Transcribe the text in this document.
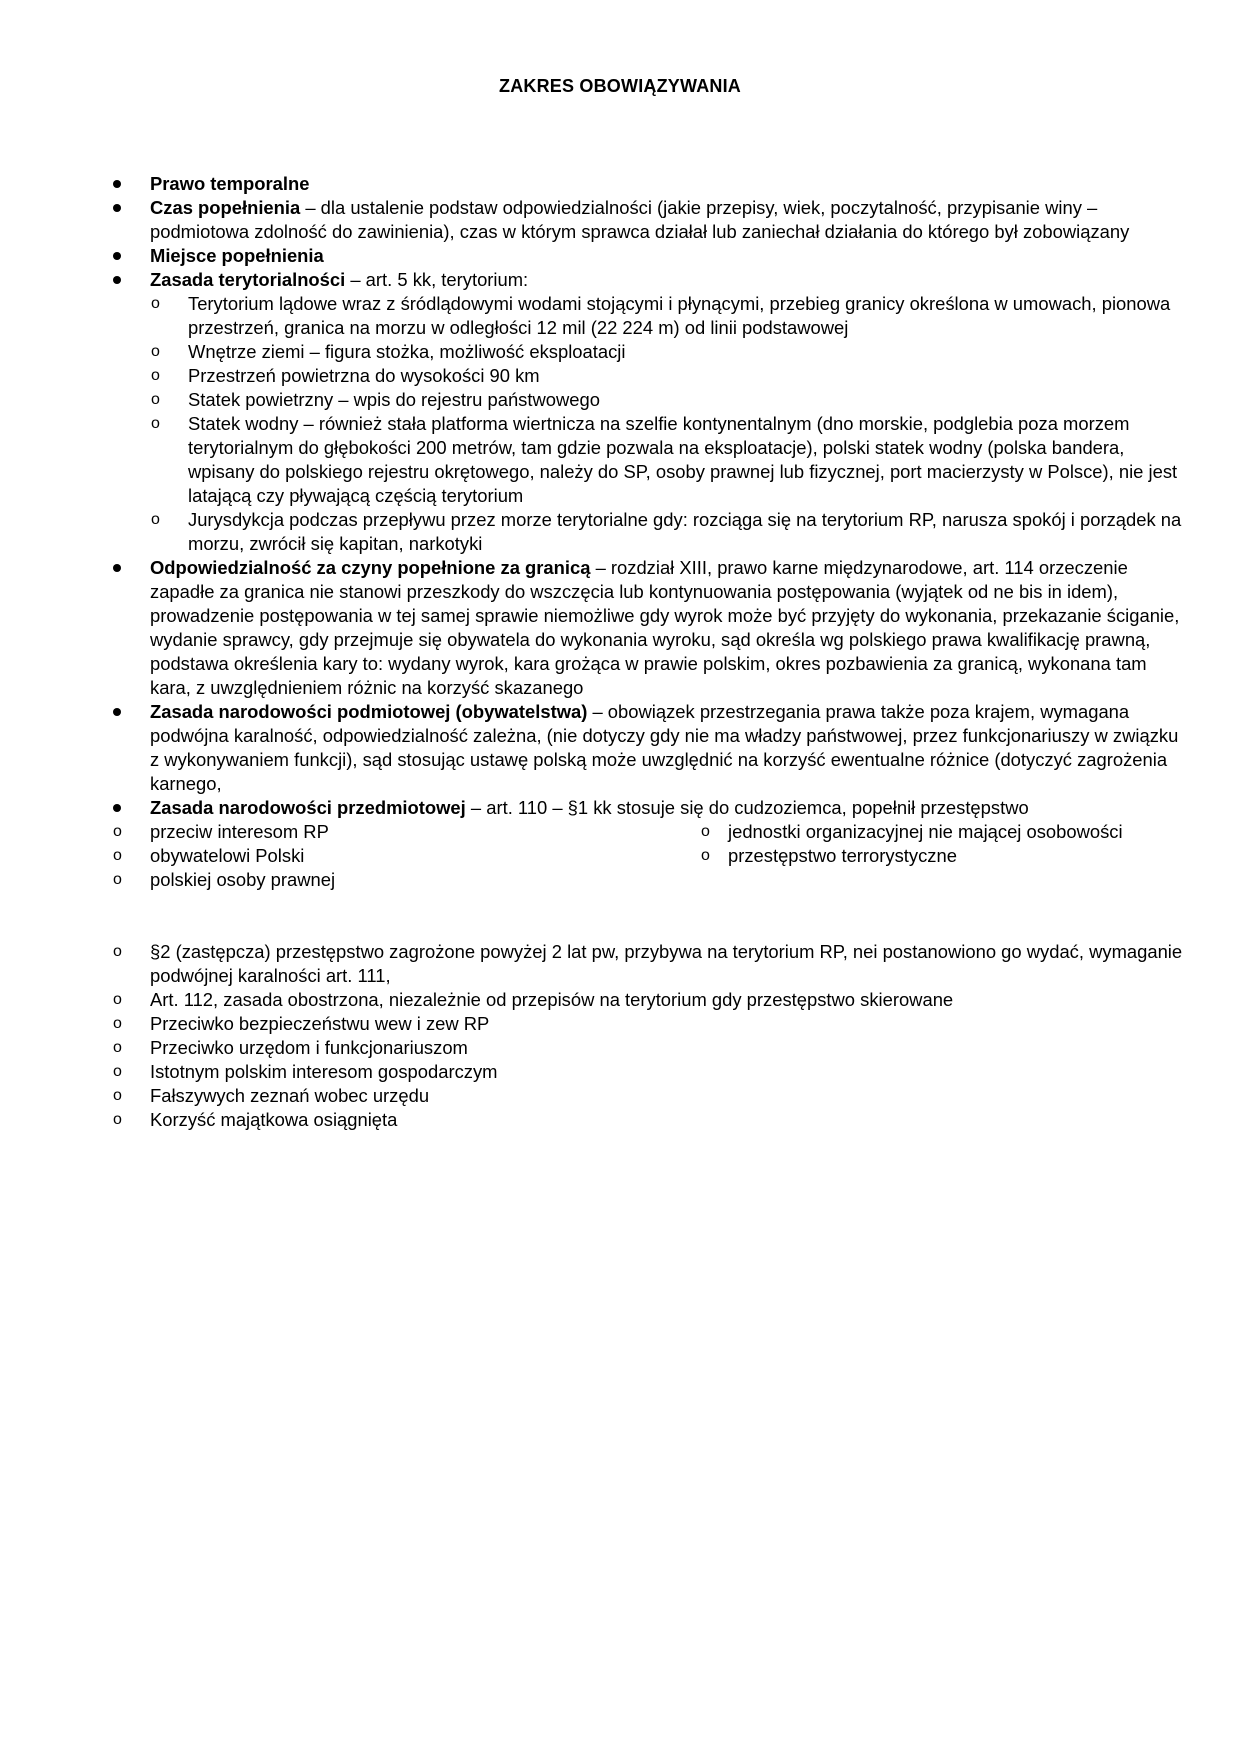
ZAKRES OBOWIĄZYWANIA
Prawo temporalne
Czas popełnienia – dla ustalenie podstaw odpowiedzialności (jakie przepisy, wiek, poczytalność, przypisanie winy – podmiotowa zdolność do zawinienia), czas w którym sprawca działał lub zaniechał działania do którego był zobowiązany
Miejsce popełnienia
Zasada terytorialności – art. 5 kk, terytorium:
o Terytorium lądowe wraz z śródlądowymi wodami stojącymi i płynącymi, przebieg granicy określona w umowach, pionowa przestrzeń, granica na morzu w odległości 12 mil (22 224 m) od linii podstawowej
o Wnętrze ziemi – figura stożka, możliwość eksploatacji
o Przestrzeń powietrzna do wysokości 90 km
o Statek powietrzny – wpis do rejestru państwowego
o Statek wodny – również stała platforma wiertnicza na szelfie kontynentalnym (dno morskie, podglebia poza morzem terytorialnym do głębokości 200 metrów, tam gdzie pozwala na eksploatacje), polski statek wodny (polska bandera, wpisany do polskiego rejestru okrętowego, należy do SP, osoby prawnej lub fizycznej, port macierzysty w Polsce), nie jest latającą czy pływającą częścią terytorium
o Jurysdykcja podczas przepływu przez morze terytorialne gdy: rozciąga się na terytorium RP, narusza spokój i porządek na morzu, zwrócił się kapitan, narkotyki
Odpowiedzialność za czyny popełnione za granicą – rozdział XIII, prawo karne międzynarodowe, art. 114 orzeczenie zapadłe za granica nie stanowi przeszkody do wszczęcia lub kontynuowania postępowania (wyjątek od ne bis in idem), prowadzenie postępowania w tej samej sprawie niemożliwe gdy wyrok może być przyjęty do wykonania, przekazanie ściganie, wydanie sprawcy, gdy przejmuje się obywatela do wykonania wyroku, sąd określa wg polskiego prawa kwalifikację prawną, podstawa określenia kary to: wydany wyrok, kara grożąca w prawie polskim, okres pozbawienia za granicą, wykonana tam kara, z uwzględnieniem różnic na korzyść skazanego
Zasada narodowości podmiotowej (obywatelstwa) – obowiązek przestrzegania prawa także poza krajem, wymagana podwójna karalność, odpowiedzialność zależna, (nie dotyczy gdy nie ma władzy państwowej, przez funkcjonariuszy w związku z wykonywaniem funkcji), sąd stosując ustawę polską może uwzględnić na korzyść ewentualne różnice (dotyczyć zagrożenia karnego,
Zasada narodowości przedmiotowej – art. 110 – §1 kk stosuje się do cudzoziemca, popełnił przestępstwo
o przeciw interesom RP
o obywatelowi Polski
o polskiej osoby prawnej
o jednostki organizacyjnej nie mającej osobowości
o przestępstwo terrorystyczne
o §2 (zastępcza) przestępstwo zagrożone powyżej 2 lat pw, przybywa na terytorium RP, nei postanowiono go wydać, wymaganie podwójnej karalności art. 111,
o Art. 112, zasada obostrzona, niezależnie od przepisów na terytorium gdy przestępstwo skierowane
o Przeciwko bezpieczeństwu wew i zew RP
o Przeciwko urzędom i funkcjonariuszom
o Istotnym polskim interesom gospodarczym
o Fałszywych zeznań wobec urzędu
o Korzyść majątkowa osiągnięta
